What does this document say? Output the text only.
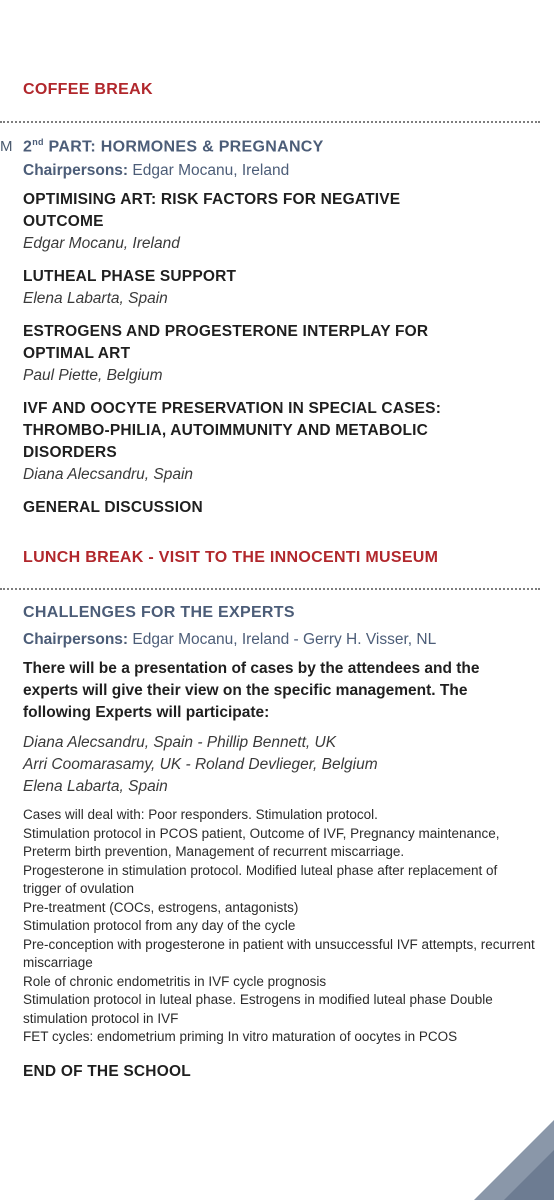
COFFEE BREAK
M 2nd PART: HORMONES & PREGNANCY
Chairpersons: Edgar Mocanu, Ireland
OPTIMISING ART: RISK FACTORS FOR NEGATIVE OUTCOME
Edgar Mocanu, Ireland
LUTHEAL PHASE SUPPORT
Elena Labarta, Spain
ESTROGENS AND PROGESTERONE INTERPLAY FOR OPTIMAL ART
Paul Piette, Belgium
IVF AND OOCYTE PRESERVATION IN SPECIAL CASES: THROMBO-PHILIA, AUTOIMMUNITY AND METABOLIC DISORDERS
Diana Alecsandru, Spain
GENERAL DISCUSSION
LUNCH BREAK - VISIT TO THE INNOCENTI MUSEUM
CHALLENGES FOR THE EXPERTS
Chairpersons: Edgar Mocanu, Ireland - Gerry H. Visser, NL
There will be a presentation of cases by the attendees and the experts will give their view on the specific management. The following Experts will participate:
Diana Alecsandru, Spain - Phillip Bennett, UK
Arri Coomarasamy, UK - Roland Devlieger, Belgium
Elena Labarta, Spain
Cases will deal with: Poor responders. Stimulation protocol.
Stimulation protocol in PCOS patient, Outcome of IVF, Pregnancy maintenance, Preterm birth prevention, Management of recurrent miscarriage.
Progesterone in stimulation protocol. Modified luteal phase after replacement of trigger of ovulation
Pre-treatment (COCs, estrogens, antagonists)
Stimulation protocol from any day of the cycle
Pre-conception with progesterone in patient with unsuccessful IVF attempts, recurrent miscarriage
Role of chronic endometritis in IVF cycle prognosis
Stimulation protocol in luteal phase. Estrogens in modified luteal phase Double stimulation protocol in IVF
FET cycles: endometrium priming In vitro maturation of oocytes in PCOS
END OF THE SCHOOL
